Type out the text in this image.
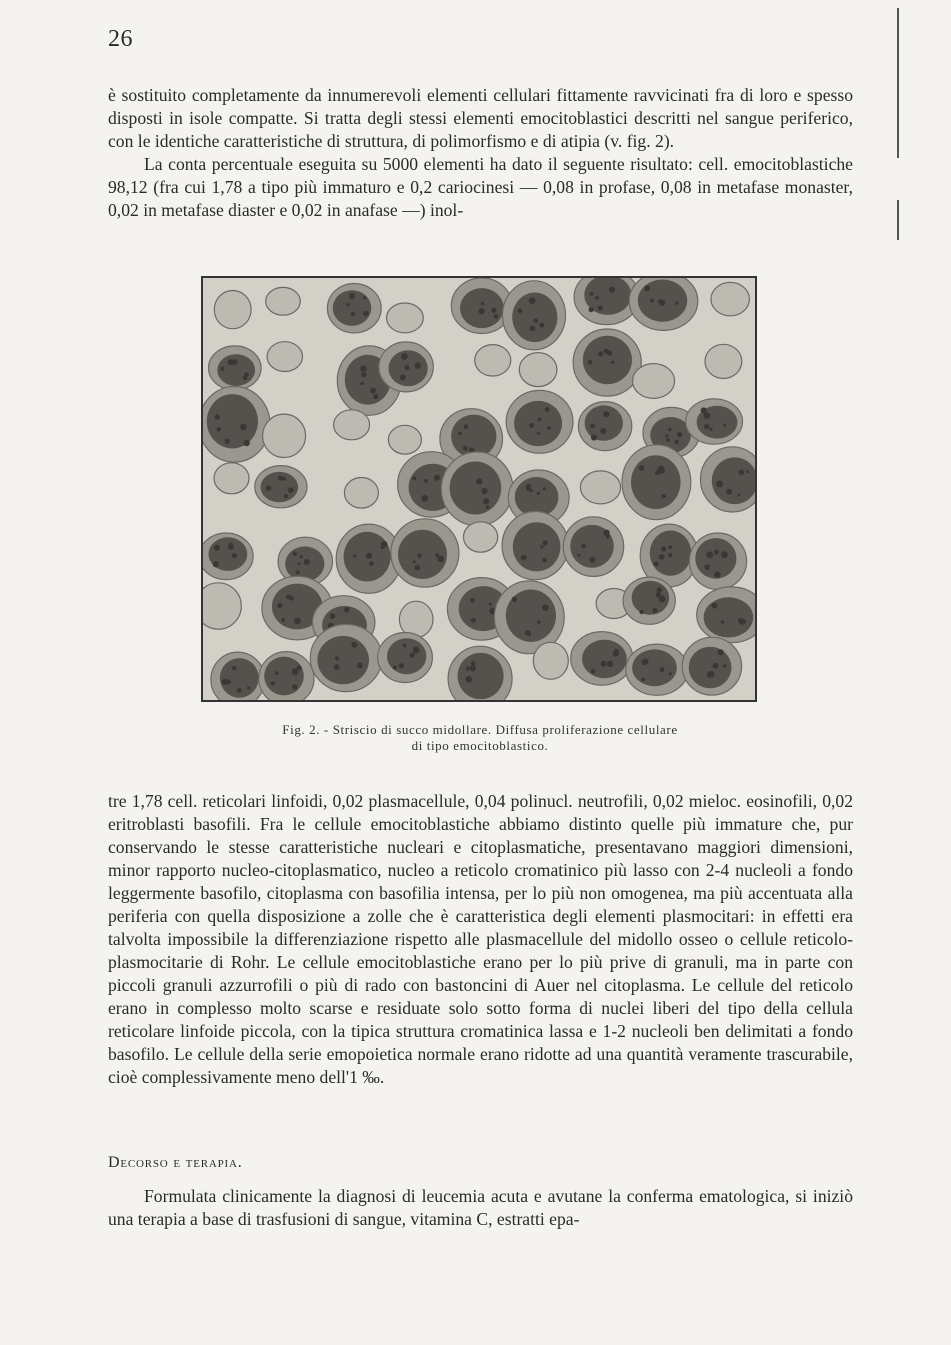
26

è sostituito completamente da innumerevoli elementi cellulari fittamente ravvicinati fra di loro e spesso disposti in isole compatte. Si tratta degli stessi elementi emocitoblastici descritti nel sangue periferico, con le identiche caratteristiche di struttura, di polimorfismo e di atipia (v. fig. 2).

La conta percentuale eseguita su 5000 elementi ha dato il seguente risultato: cell. emocitoblastiche 98,12 (fra cui 1,78 a tipo più immaturo e 0,2 cariocinesi — 0,08 in profase, 0,08 in metafase monaster, 0,02 in metafase diaster e 0,02 in anafase —) inol-

Fig. 2. - Striscio di succo midollare. Diffusa proliferazione cellulare
di tipo emocitoblastico.

tre 1,78 cell. reticolari linfoidi, 0,02 plasmacellule, 0,04 polinucl. neutrofili, 0,02 mieloc. eosinofili, 0,02 eritroblasti basofili. Fra le cellule emocitoblastiche abbiamo distinto quelle più immature che, pur conservando le stesse caratteristiche nucleari e citoplasmatiche, presentavano maggiori dimensioni, minor rapporto nucleo-citoplasmatico, nucleo a reticolo cromatinico più lasso con 2-4 nucleoli a fondo leggermente basofilo, citoplasma con basofilia intensa, per lo più non omogenea, ma più accentuata alla periferia con quella disposizione a zolle che è caratteristica degli elementi plasmocitari: in effetti era talvolta impossibile la differenziazione rispetto alle plasmacellule del midollo osseo o cellule reticolo-plasmocitarie di Rohr. Le cellule emocitoblastiche erano per lo più prive di granuli, ma in parte con piccoli granuli azzurrofili o più di rado con bastoncini di Auer nel citoplasma. Le cellule del reticolo erano in complesso molto scarse e residuate solo sotto forma di nuclei liberi del tipo della cellula reticolare linfoide piccola, con la tipica struttura cromatinica lassa e 1-2 nucleoli ben delimitati a fondo basofilo. Le cellule della serie emopoietica normale erano ridotte ad una quantità veramente trascurabile, cioè complessivamente meno dell'1 ‰.

Decorso e terapia.

Formulata clinicamente la diagnosi di leucemia acuta e avutane la conferma ematologica, si iniziò una terapia a base di trasfusioni di sangue, vitamina C, estratti epa-
